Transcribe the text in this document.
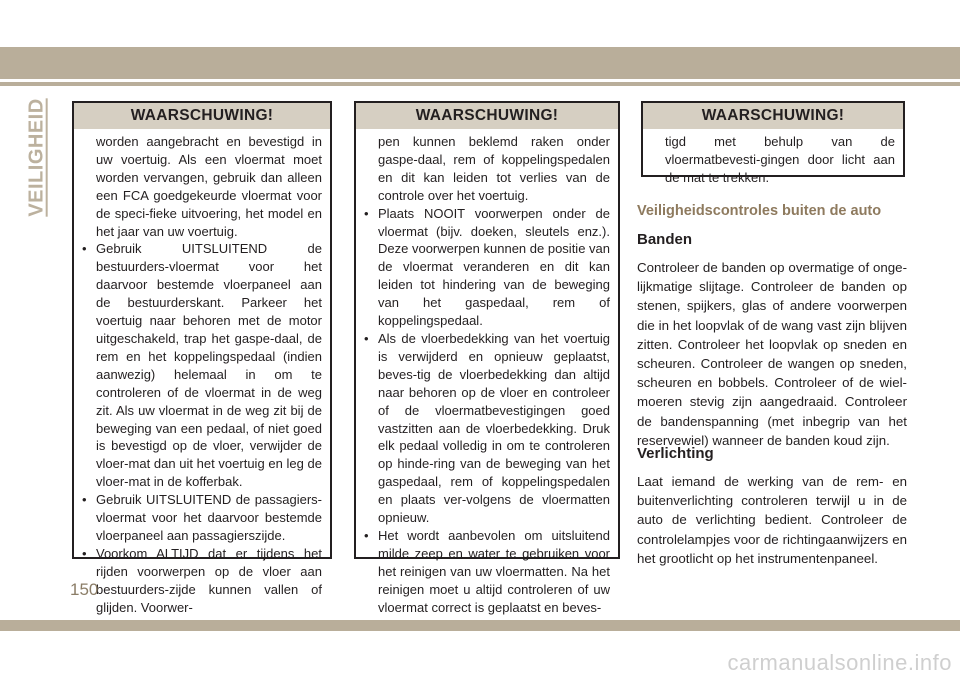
VEILIGHEID	WAARSCHUWING!

worden aangebracht en bevestigd in uw voertuig. Als een vloermat moet worden vervangen, gebruik dan alleen een FCA goedgekeurde vloermat voor de speci-fieke uitvoering, het model en het jaar van uw voertuig.

• Gebruik UITSLUITEND de bestuurders-vloermat voor het daarvoor bestemde vloerpaneel aan de bestuurderskant. Parkeer het voertuig naar behoren met de motor uitgeschakeld, trap het gaspe-daal, de rem en het koppelingspedaal (indien aanwezig) helemaal in om te controleren of de vloermat in de weg zit. Als uw vloermat in de weg zit bij de beweging van een pedaal, of niet goed is bevestigd op de vloer, verwijder de vloer-mat dan uit het voertuig en leg de vloer-mat in de kofferbak.
• Gebruik UITSLUITEND de passagiers-vloermat voor het daarvoor bestemde vloerpaneel aan passagierszijde.
• Voorkom ALTIJD dat er tijdens het rijden voorwerpen op de vloer aan bestuurders-zijde kunnen vallen of glijden. Voorwer-
WAARSCHUWING!

pen kunnen beklemd raken onder gaspe-daal, rem of koppelingspedalen en dit kan leiden tot verlies van de controle over het voertuig.

• Plaats NOOIT voorwerpen onder de vloermat (bijv. doeken, sleutels enz.). Deze voorwerpen kunnen de positie van de vloermat veranderen en dit kan leiden tot hindering van de beweging van het gaspedaal, rem of koppelingspedaal.
• Als de vloerbedekking van het voertuig is verwijderd en opnieuw geplaatst, beves-tig de vloerbedekking dan altijd naar behoren op de vloer en controleer of de vloermatbevestigingen goed vastzitten aan de vloerbedekking. Druk elk pedaal volledig in om te controleren op hinde-ring van de beweging van het gaspedaal, rem of koppelingspedalen en plaats ver-volgens de vloermatten opnieuw.
• Het wordt aanbevolen om uitsluitend milde zeep en water te gebruiken voor het reinigen van uw vloermatten. Na het reinigen moet u altijd controleren of uw vloermat correct is geplaatst en beves-
WAARSCHUWING!

tigd met behulp van de vloermatbevesti-gingen door licht aan de mat te trekken.

Veiligheidscontroles buiten de auto
Banden

Controleer de banden op overmatige of onge-lijkmatige slijtage. Controleer de banden op stenen, spijkers, glas of andere voorwerpen die in het loopvlak of de wang vast zijn blijven zitten. Controleer het loopvlak op sneden en scheuren. Controleer de wangen op sneden, scheuren en bobbels. Controleer of de wiel-moeren stevig zijn aangedraaid. Controleer de bandenspanning (met inbegrip van het reservewiel) wanneer de banden koud zijn.

Verlichting

Laat iemand de werking van de rem- en buitenverlichting controleren terwijl u in de auto de verlichting bedient. Controleer de controlelampjes voor de richtingaanwijzers en het grootlicht op het instrumentenpaneel.

150
carmanualsonline.info
